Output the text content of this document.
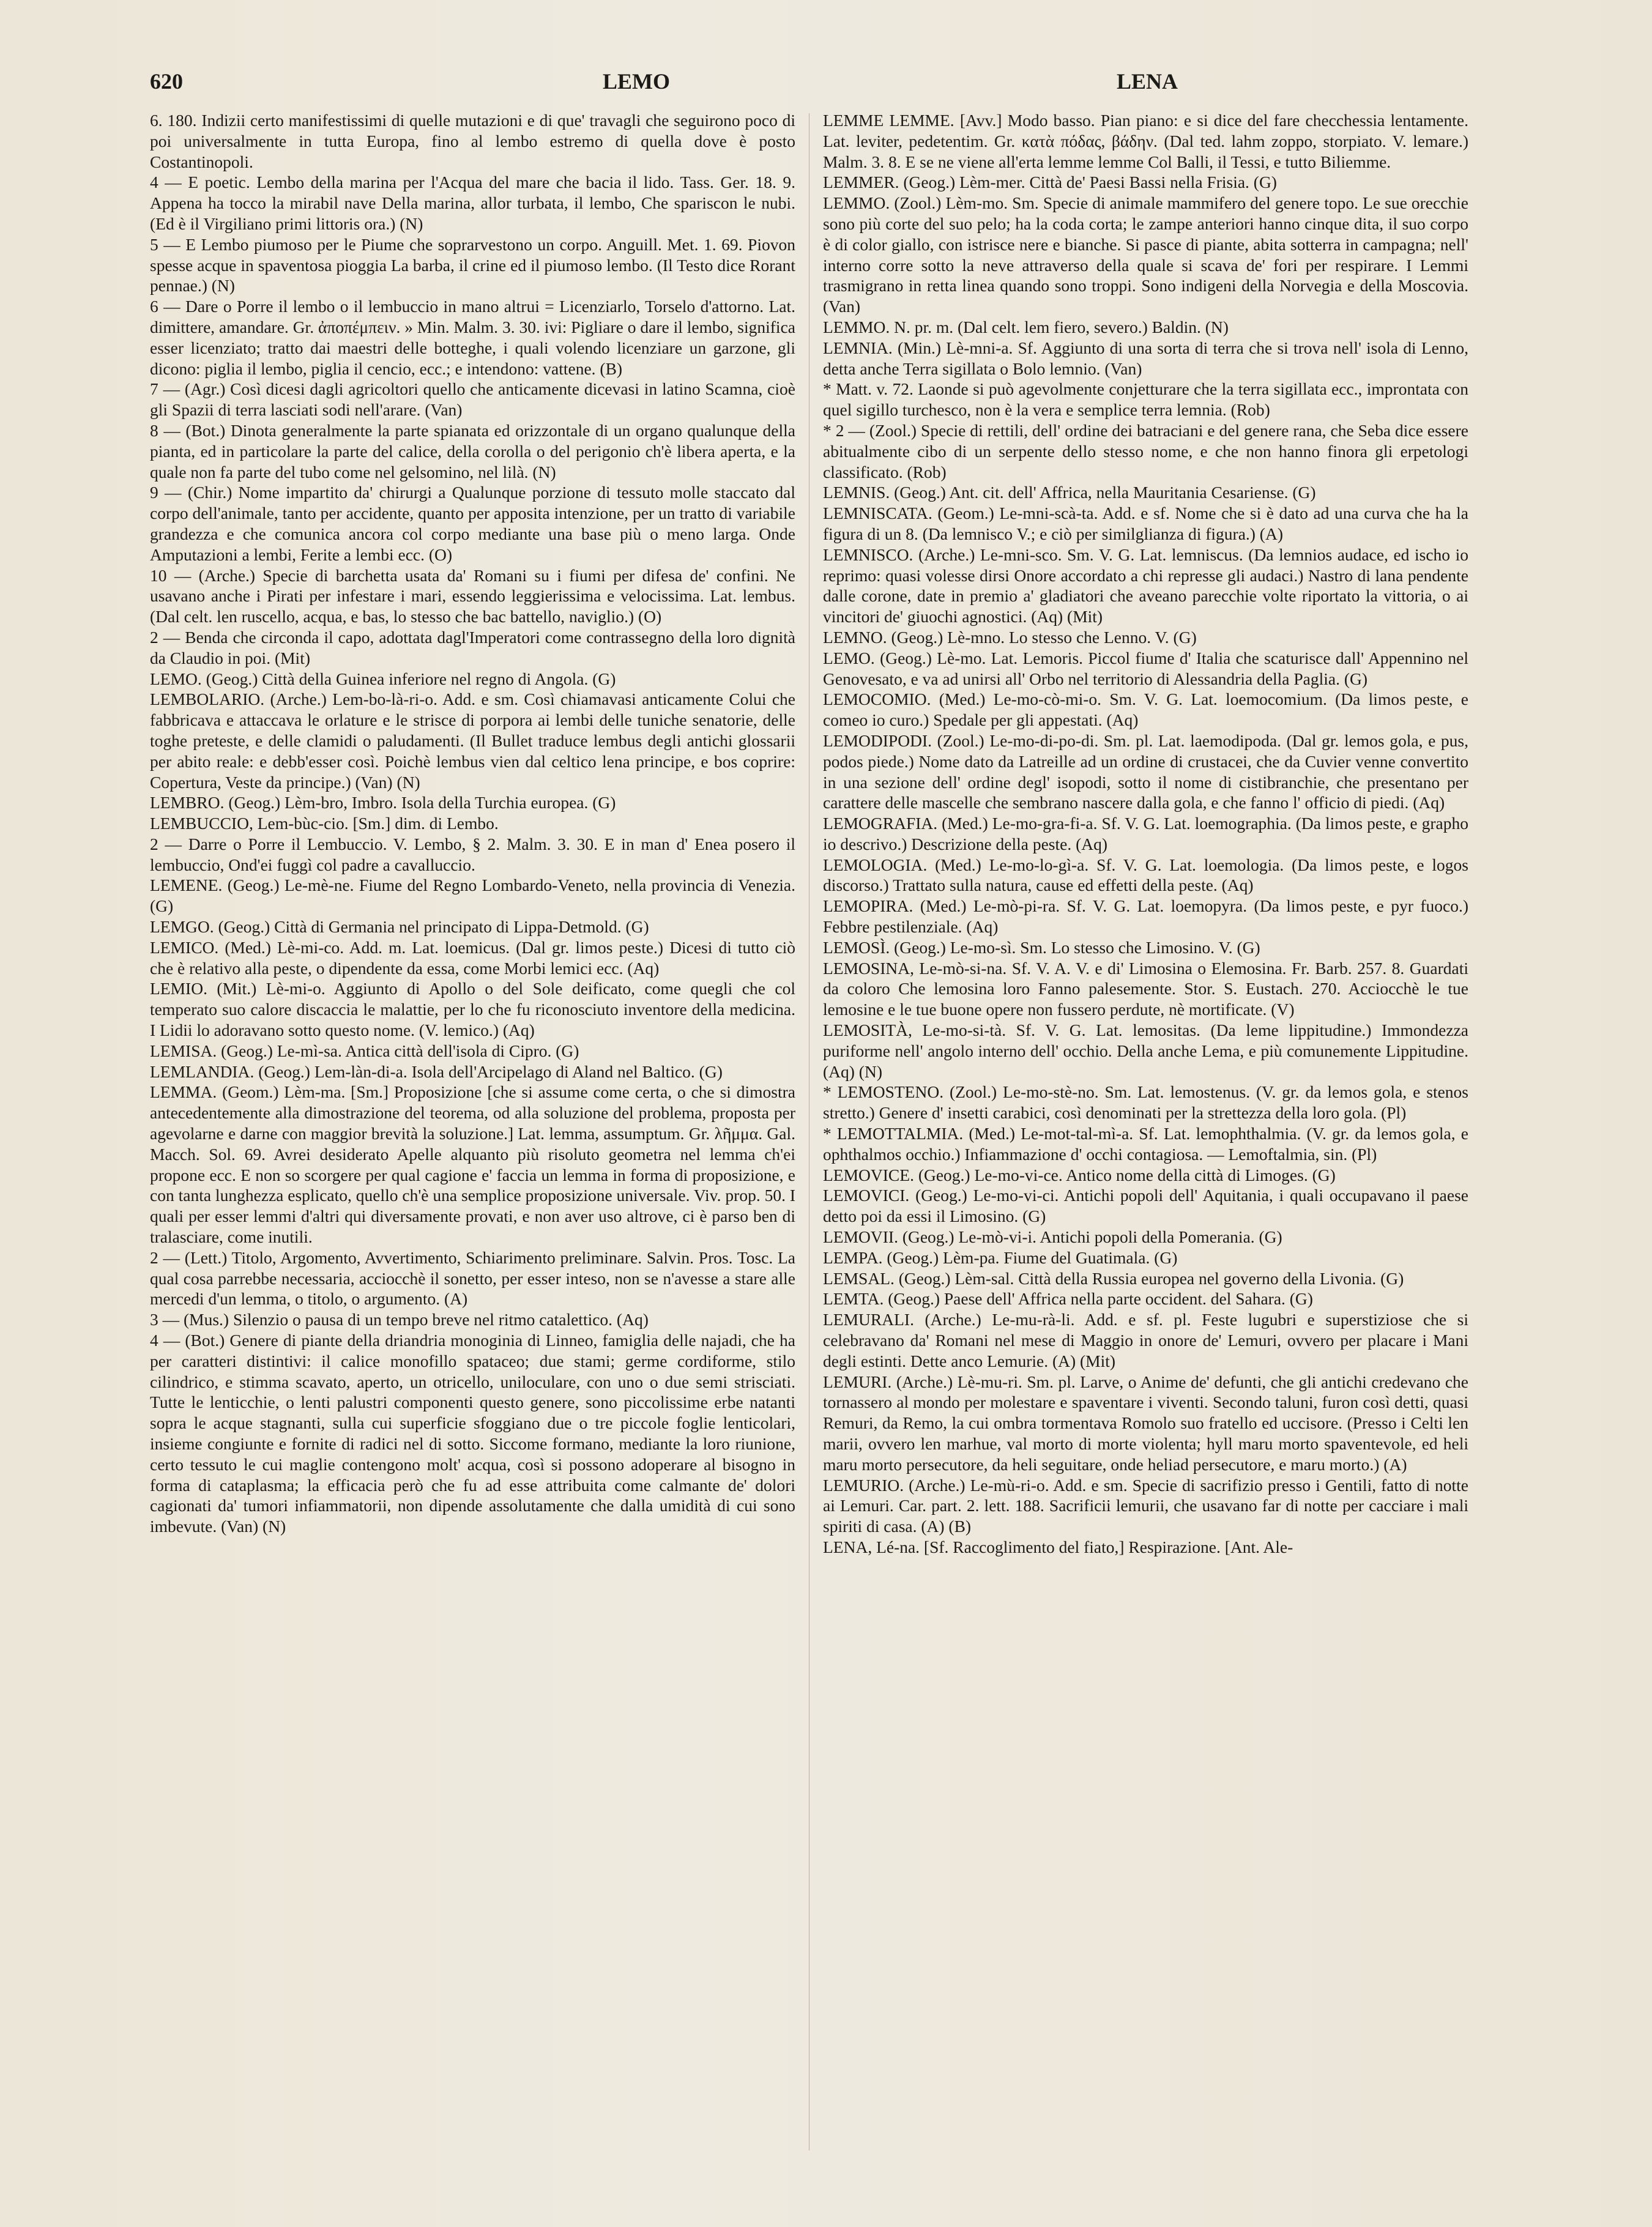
620	LEMO	LENA

6. 180. Indizii certo manifestissimi di quelle mutazioni e di que' travagli che seguirono poco di poi universalmente in tutta Europa, fino al lembo estremo di quella dove è posto Costantinopoli.

4 — E poetic. Lembo della marina per l'Acqua del mare che bacia il lido. Tass. Ger. 18. 9. Appena ha tocco la mirabil nave Della marina, allor turbata, il lembo, Che spariscon le nubi. (Ed è il Virgiliano primi littoris ora.) (N)

5 — E Lembo piumoso per le Piume che soprarvestono un corpo. Anguill. Met. 1. 69. Piovon spesse acque in spaventosa pioggia La barba, il crine ed il piumoso lembo. (Il Testo dice Rorant pennae.) (N)

6 — Dare o Porre il lembo o il lembuccio in mano altrui = Licenziarlo, Torselo d'attorno. Lat. dimittere, amandare. Gr. ἀποπέμπειν. » Min. Malm. 3. 30. ivi: Pigliare o dare il lembo, significa esser licenziato; tratto dai maestri delle botteghe, i quali volendo licenziare un garzone, gli dicono: piglia il lembo, piglia il cencio, ecc.; e intendono: vattene. (B)

7 — (Agr.) Così dicesi dagli agricoltori quello che anticamente dicevasi in latino Scamna, cioè gli Spazii di terra lasciati sodi nell'arare. (Van)

8 — (Bot.) Dinota generalmente la parte spianata ed orizzontale di un organo qualunque della pianta, ed in particolare la parte del calice, della corolla o del perigonio ch'è libera aperta, e la quale non fa parte del tubo come nel gelsomino, nel lilà. (N)

9 — (Chir.) Nome impartito da' chirurgi a Qualunque porzione di tessuto molle staccato dal corpo dell'animale, tanto per accidente, quanto per apposita intenzione, per un tratto di variabile grandezza e che comunica ancora col corpo mediante una base più o meno larga. Onde Amputazioni a lembi, Ferite a lembi ecc. (O)

10 — (Arche.) Specie di barchetta usata da' Romani su i fiumi per difesa de' confini. Ne usavano anche i Pirati per infestare i mari, essendo leggierissima e velocissima. Lat. lembus. (Dal celt. len ruscello, acqua, e bas, lo stesso che bac battello, naviglio.) (O)

2 — Benda che circonda il capo, adottata dagl'Imperatori come contrassegno della loro dignità da Claudio in poi. (Mit)

LEMO. (Geog.) Città della Guinea inferiore nel regno di Angola. (G)

LEMBOLARIO. (Arche.) Lem-bo-là-ri-o. Add. e sm. Così chiamavasi anticamente Colui che fabbricava e attaccava le orlature e le strisce di porpora ai lembi delle tuniche senatorie, delle toghe preteste, e delle clamidi o paludamenti. (Il Bullet traduce lembus degli antichi glossarii per abito reale: e debb'esser così. Poichè lembus vien dal celtico lena principe, e bos coprire: Copertura, Veste da principe.) (Van) (N)

LEMBRO. (Geog.) Lèm-bro, Imbro. Isola della Turchia europea. (G)

LEMBUCCIO, Lem-bùc-cio. [Sm.] dim. di Lembo.

2 — Darre o Porre il Lembuccio. V. Lembo, § 2. Malm. 3. 30. E in man d' Enea posero il lembuccio, Ond'ei fuggì col padre a cavalluccio.

LEMENE. (Geog.) Le-mè-ne. Fiume del Regno Lombardo-Veneto, nella provincia di Venezia. (G)

LEMGO. (Geog.) Città di Germania nel principato di Lippa-Detmold. (G)

LEMICO. (Med.) Lè-mi-co. Add. m. Lat. loemicus. (Dal gr. limos peste.) Dicesi di tutto ciò che è relativo alla peste, o dipendente da essa, come Morbi lemici ecc. (Aq)

LEMIO. (Mit.) Lè-mi-o. Aggiunto di Apollo o del Sole deificato, come quegli che col temperato suo calore discaccia le malattie, per lo che fu riconosciuto inventore della medicina. I Lidii lo adoravano sotto questo nome. (V. lemico.) (Aq)

LEMISA. (Geog.) Le-mì-sa. Antica città dell'isola di Cipro. (G)

LEMLANDIA. (Geog.) Lem-làn-di-a. Isola dell'Arcipelago di Aland nel Baltico. (G)

LEMMA. (Geom.) Lèm-ma. [Sm.] Proposizione [che si assume come certa, o che si dimostra antecedentemente alla dimostrazione del teorema, od alla soluzione del problema, proposta per agevolarne e darne con maggior brevità la soluzione.] Lat. lemma, assumptum. Gr. λῆμμα. Gal. Macch. Sol. 69. Avrei desiderato Apelle alquanto più risoluto geometra nel lemma ch'ei propone ecc. E non so scorgere per qual cagione e' faccia un lemma in forma di proposizione, e con tanta lunghezza esplicato, quello ch'è una semplice proposizione universale. Viv. prop. 50. I quali per esser lemmi d'altri qui diversamente provati, e non aver uso altrove, ci è parso ben di tralasciare, come inutili.

2 — (Lett.) Titolo, Argomento, Avvertimento, Schiarimento preliminare. Salvin. Pros. Tosc. La qual cosa parrebbe necessaria, acciocchè il sonetto, per esser inteso, non se n'avesse a stare alle mercedi d'un lemma, o titolo, o argumento. (A)

3 — (Mus.) Silenzio o pausa di un tempo breve nel ritmo catalettico. (Aq)

4 — (Bot.) Genere di piante della driandria monoginia di Linneo, famiglia delle najadi, che ha per caratteri distintivi: il calice monofillo spataceo; due stami; germe cordiforme, stilo cilindrico, e stimma scavato, aperto, un otricello, uniloculare, con uno o due semi strisciati. Tutte le lenticchie, o lenti palustri componenti questo genere, sono piccolissime erbe natanti sopra le acque stagnanti, sulla cui superficie sfoggiano due o tre piccole foglie lenticolari, insieme congiunte e fornite di radici nel di sotto. Siccome formano, mediante la loro riunione, certo tessuto le cui maglie contengono molt' acqua, così si possono adoperare al bisogno in forma di cataplasma; la efficacia però che fu ad esse attribuita come calmante de' dolori cagionati da' tumori infiammatorii, non dipende assolutamente che dalla umidità di cui sono imbevute. (Van) (N)

LEMME LEMME. [Avv.] Modo basso. Pian piano: e si dice del fare checchessia lentamente. Lat. leviter, pedetentim. Gr. κατὰ πόδας, βάδην. (Dal ted. lahm zoppo, storpiato. V. lemare.) Malm. 3. 8. E se ne viene all'erta lemme lemme Col Balli, il Tessi, e tutto Biliemme.

LEMMER. (Geog.) Lèm-mer. Città de' Paesi Bassi nella Frisia. (G)

LEMMO. (Zool.) Lèm-mo. Sm. Specie di animale mammifero del genere topo. Le sue orecchie sono più corte del suo pelo; ha la coda corta; le zampe anteriori hanno cinque dita, il suo corpo è di color giallo, con istrisce nere e bianche. Si pasce di piante, abita sotterra in campagna; nell' interno corre sotto la neve attraverso della quale si scava de' fori per respirare. I Lemmi trasmigrano in retta linea quando sono troppi. Sono indigeni della Norvegia e della Moscovia. (Van)

LEMMO. N. pr. m. (Dal celt. lem fiero, severo.) Baldin. (N)

LEMNIA. (Min.) Lè-mni-a. Sf. Aggiunto di una sorta di terra che si trova nell' isola di Lenno, detta anche Terra sigillata o Bolo lemnio. (Van)

* Matt. v. 72. Laonde si può agevolmente conjetturare che la terra sigillata ecc., improntata con quel sigillo turchesco, non è la vera e semplice terra lemnia. (Rob)

* 2 — (Zool.) Specie di rettili, dell' ordine dei batraciani e del genere rana, che Seba dice essere abitualmente cibo di un serpente dello stesso nome, e che non hanno finora gli erpetologi classificato. (Rob)

LEMNIS. (Geog.) Ant. cit. dell' Affrica, nella Mauritania Cesariense. (G)

LEMNISCATA. (Geom.) Le-mni-scà-ta. Add. e sf. Nome che si è dato ad una curva che ha la figura di un 8. (Da lemnisco V.; e ciò per similglianza di figura.) (A)

LEMNISCO. (Arche.) Le-mni-sco. Sm. V. G. Lat. lemniscus. (Da lemnios audace, ed ischo io reprimo: quasi volesse dirsi Onore accordato a chi represse gli audaci.) Nastro di lana pendente dalle corone, date in premio a' gladiatori che aveano parecchie volte riportato la vittoria, o ai vincitori de' giuochi agnostici. (Aq) (Mit)

LEMNO. (Geog.) Lè-mno. Lo stesso che Lenno. V. (G)

LEMO. (Geog.) Lè-mo. Lat. Lemoris. Piccol fiume d' Italia che scaturisce dall' Appennino nel Genovesato, e va ad unirsi all' Orbo nel territorio di Alessandria della Paglia. (G)

LEMOCOMIO. (Med.) Le-mo-cò-mi-o. Sm. V. G. Lat. loemocomium. (Da limos peste, e comeo io curo.) Spedale per gli appestati. (Aq)

LEMODIPODI. (Zool.) Le-mo-di-po-di. Sm. pl. Lat. laemodipoda. (Dal gr. lemos gola, e pus, podos piede.) Nome dato da Latreille ad un ordine di crustacei, che da Cuvier venne convertito in una sezione dell' ordine degl' isopodi, sotto il nome di cistibranchie, che presentano per carattere delle mascelle che sembrano nascere dalla gola, e che fanno l' officio di piedi. (Aq)

LEMOGRAFIA. (Med.) Le-mo-gra-fi-a. Sf. V. G. Lat. loemographia. (Da limos peste, e grapho io descrivo.) Descrizione della peste. (Aq)

LEMOLOGIA. (Med.) Le-mo-lo-gì-a. Sf. V. G. Lat. loemologia. (Da limos peste, e logos discorso.) Trattato sulla natura, cause ed effetti della peste. (Aq)

LEMOPIRA. (Med.) Le-mò-pi-ra. Sf. V. G. Lat. loemopyra. (Da limos peste, e pyr fuoco.) Febbre pestilenziale. (Aq)

LEMOSÌ. (Geog.) Le-mo-sì. Sm. Lo stesso che Limosino. V. (G)

LEMOSINA, Le-mò-si-na. Sf. V. A. V. e di' Limosina o Elemosina. Fr. Barb. 257. 8. Guardati da coloro Che lemosina loro Fanno palesemente. Stor. S. Eustach. 270. Acciocchè le tue lemosine e le tue buone opere non fussero perdute, nè mortificate. (V)

LEMOSITÀ, Le-mo-si-tà. Sf. V. G. Lat. lemositas. (Da leme lippitudine.) Immondezza puriforme nell' angolo interno dell' occhio. Della anche Lema, e più comunemente Lippitudine. (Aq) (N)

* LEMOSTENO. (Zool.) Le-mo-stè-no. Sm. Lat. lemostenus. (V. gr. da lemos gola, e stenos stretto.) Genere d' insetti carabici, così denominati per la strettezza della loro gola. (Pl)

* LEMOTTALMIA. (Med.) Le-mot-tal-mì-a. Sf. Lat. lemophthalmia. (V. gr. da lemos gola, e ophthalmos occhio.) Infiammazione d' occhi contagiosa. — Lemoftalmia, sin. (Pl)

LEMOVICE. (Geog.) Le-mo-vi-ce. Antico nome della città di Limoges. (G)

LEMOVICI. (Geog.) Le-mo-vi-ci. Antichi popoli dell' Aquitania, i quali occupavano il paese detto poi da essi il Limosino. (G)

LEMOVII. (Geog.) Le-mò-vi-i. Antichi popoli della Pomerania. (G)

LEMPA. (Geog.) Lèm-pa. Fiume del Guatimala. (G)

LEMSAL. (Geog.) Lèm-sal. Città della Russia europea nel governo della Livonia. (G)

LEMTA. (Geog.) Paese dell' Affrica nella parte occident. del Sahara. (G)

LEMURALI. (Arche.) Le-mu-rà-li. Add. e sf. pl. Feste lugubri e superstiziose che si celebravano da' Romani nel mese di Maggio in onore de' Lemuri, ovvero per placare i Mani degli estinti. Dette anco Lemurie. (A) (Mit)

LEMURI. (Arche.) Lè-mu-ri. Sm. pl. Larve, o Anime de' defunti, che gli antichi credevano che tornassero al mondo per molestare e spaventare i viventi. Secondo taluni, furon così detti, quasi Remuri, da Remo, la cui ombra tormentava Romolo suo fratello ed uccisore. (Presso i Celti len marii, ovvero len marhue, val morto di morte violenta; hyll maru morto spaventevole, ed heli maru morto persecutore, da heli seguitare, onde heliad persecutore, e maru morto.) (A)

LEMURIO. (Arche.) Le-mù-ri-o. Add. e sm. Specie di sacrifizio presso i Gentili, fatto di notte ai Lemuri. Car. part. 2. lett. 188. Sacrificii lemurii, che usavano far di notte per cacciare i mali spiriti di casa. (A) (B)

LENA, Lé-na. [Sf. Raccoglimento del fiato,] Respirazione. [Ant. Ale-
